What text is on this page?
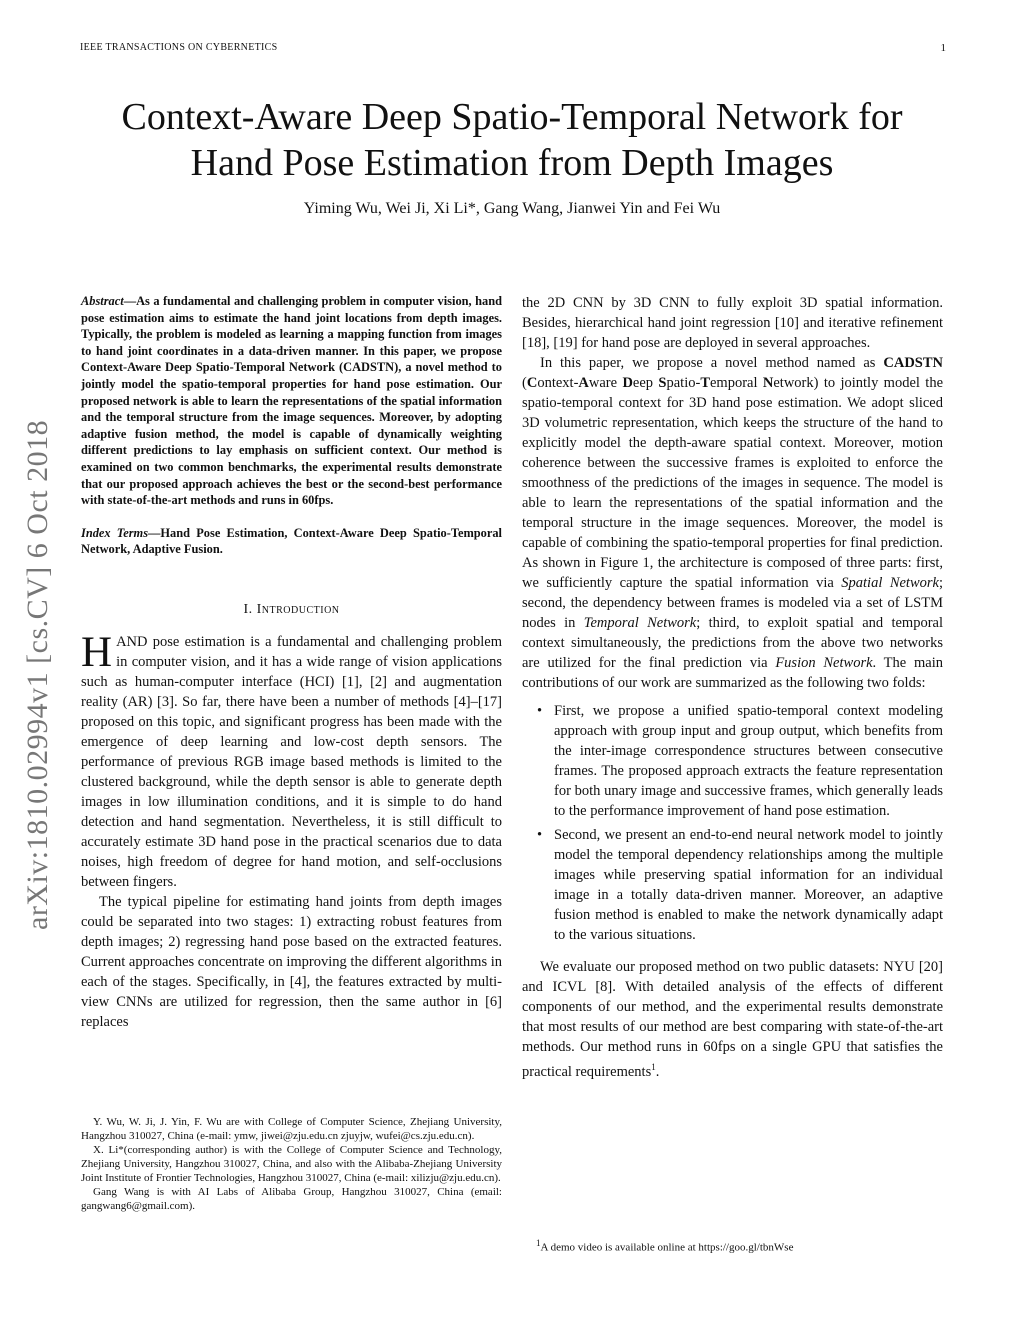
IEEE TRANSACTIONS ON CYBERNETICS	1
Context-Aware Deep Spatio-Temporal Network for
Hand Pose Estimation from Depth Images
Yiming Wu, Wei Ji, Xi Li*, Gang Wang, Jianwei Yin and Fei Wu
arXiv:1810.02994v1 [cs.CV] 6 Oct 2018

Abstract—As a fundamental and challenging problem in computer vision, hand pose estimation aims to estimate the hand joint locations from depth images. Typically, the problem is modeled as learning a mapping function from images to hand joint coordinates in a data-driven manner. In this paper, we propose Context-Aware Deep Spatio-Temporal Network (CADSTN), a novel method to jointly model the spatio-temporal properties for hand pose estimation. Our proposed network is able to learn the representations of the spatial information and the temporal structure from the image sequences. Moreover, by adopting adaptive fusion method, the model is capable of dynamically weighting different predictions to lay emphasis on sufficient context. Our method is examined on two common benchmarks, the experimental results demonstrate that our proposed approach achieves the best or the second-best performance with state-of-the-art methods and runs in 60fps.

Index Terms—Hand Pose Estimation, Context-Aware Deep Spatio-Temporal Network, Adaptive Fusion.

I. Introduction

HAND pose estimation is a fundamental and challenging problem in computer vision, and it has a wide range of vision applications such as human-computer interface (HCI) [1], [2] and augmentation reality (AR) [3]. So far, there have been a number of methods [4]–[17] proposed on this topic, and significant progress has been made with the emergence of deep learning and low-cost depth sensors. The performance of previous RGB image based methods is limited to the clustered background, while the depth sensor is able to generate depth images in low illumination conditions, and it is simple to do hand detection and hand segmentation. Nevertheless, it is still difficult to accurately estimate 3D hand pose in the practical scenarios due to data noises, high freedom of degree for hand motion, and self-occlusions between fingers.

The typical pipeline for estimating hand joints from depth images could be separated into two stages: 1) extracting robust features from depth images; 2) regressing hand pose based on the extracted features. Current approaches concentrate on improving the different algorithms in each of the stages. Specifically, in [4], the features extracted by multi-view CNNs are utilized for regression, then the same author in [6] replaces

Y. Wu, W. Ji, J. Yin, F. Wu are with College of Computer Science, Zhejiang University, Hangzhou 310027, China (e-mail: ymw, jiwei@zju.edu.cn zjuyjw, wufei@cs.zju.edu.cn).
X. Li*(corresponding author) is with the College of Computer Science and Technology, Zhejiang University, Hangzhou 310027, China, and also with the Alibaba-Zhejiang University Joint Institute of Frontier Technologies, Hangzhou 310027, China (e-mail: xilizju@zju.edu.cn).
Gang Wang is with AI Labs of Alibaba Group, Hangzhou 310027, China (email: gangwang6@gmail.com).

the 2D CNN by 3D CNN to fully exploit 3D spatial information. Besides, hierarchical hand joint regression [10] and iterative refinement [18], [19] for hand pose are deployed in several approaches.

In this paper, we propose a novel method named as CADSTN (Context-Aware Deep Spatio-Temporal Network) to jointly model the spatio-temporal context for 3D hand pose estimation. We adopt sliced 3D volumetric representation, which keeps the structure of the hand to explicitly model the depth-aware spatial context. Moreover, motion coherence between the successive frames is exploited to enforce the smoothness of the predictions of the images in sequence. The model is able to learn the representations of the spatial information and the temporal structure in the image sequences. Moreover, the model is capable of combining the spatio-temporal properties for final prediction. As shown in Figure 1, the architecture is composed of three parts: first, we sufficiently capture the spatial information via Spatial Network; second, the dependency between frames is modeled via a set of LSTM nodes in Temporal Network; third, to exploit spatial and temporal context simultaneously, the predictions from the above two networks are utilized for the final prediction via Fusion Network. The main contributions of our work are summarized as the following two folds:

• First, we propose a unified spatio-temporal context modeling approach with group input and group output, which benefits from the inter-image correspondence structures between consecutive frames. The proposed approach extracts the feature representation for both unary image and successive frames, which generally leads to the performance improvement of hand pose estimation.
• Second, we present an end-to-end neural network model to jointly model the temporal dependency relationships among the multiple images while preserving spatial information for an individual image in a totally data-driven manner. Moreover, an adaptive fusion method is enabled to make the network dynamically adapt to the various situations.

We evaluate our proposed method on two public datasets: NYU [20] and ICVL [8]. With detailed analysis of the effects of different components of our method, and the experimental results demonstrate that most results of our method are best comparing with state-of-the-art methods. Our method runs in 60fps on a single GPU that satisfies the practical requirements$^1$.

$^1$A demo video is available online at https://goo.gl/tbnWse
